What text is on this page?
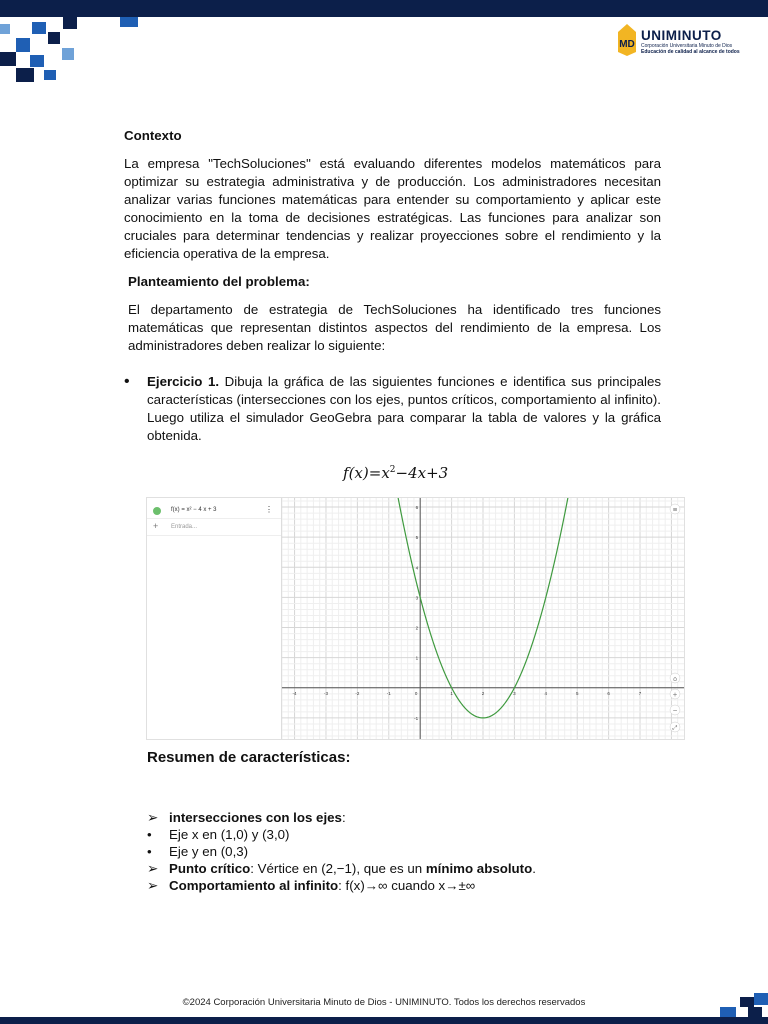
MD
UNIMINUTO
Corporación Universitaria Minuto de Dios
Educación de calidad al alcance de todos
Contexto

La empresa "TechSoluciones" está evaluando diferentes modelos matemáticos para optimizar su estrategia administrativa y de producción. Los administradores necesitan analizar varias funciones matemáticas para entender su comportamiento y aplicar este conocimiento en la toma de decisiones estratégicas. Las funciones para analizar son cruciales para determinar tendencias y realizar proyecciones sobre el rendimiento y la eficiencia operativa de la empresa.

Planteamiento del problema:

El departamento de estrategia de TechSoluciones ha identificado tres funciones matemáticas que representan distintos aspectos del rendimiento de la empresa. Los administradores deben realizar lo siguiente:

• Ejercicio 1. Dibuja la gráfica de las siguientes funciones e identifica sus principales características (intersecciones con los ejes, puntos críticos, comportamiento al infinito). Luego utiliza el simulador GeoGebra para comparar la tabla de valores y la gráfica obtenida.
$f(x)=x^2-4x+3$
f(x) = x² − 4 x + 3	⋮
+ Entrada...
-4	-3	-2	-1	0	1	2	3	4	5	6	7
6
5
4
3
2
1
-1
≡
⌂
+
−
⤢
Resumen de características:
➢ intersecciones con los ejes:
• Eje x en (1,0) y (3,0)
• Eje y en (0,3)
➢ Punto crítico: Vértice en (2,−1), que es un mínimo absoluto.
➢ Comportamiento al infinito: f(x)→∞ cuando x→±∞
©2024 Corporación Universitaria Minuto de Dios - UNIMINUTO. Todos los derechos reservados
